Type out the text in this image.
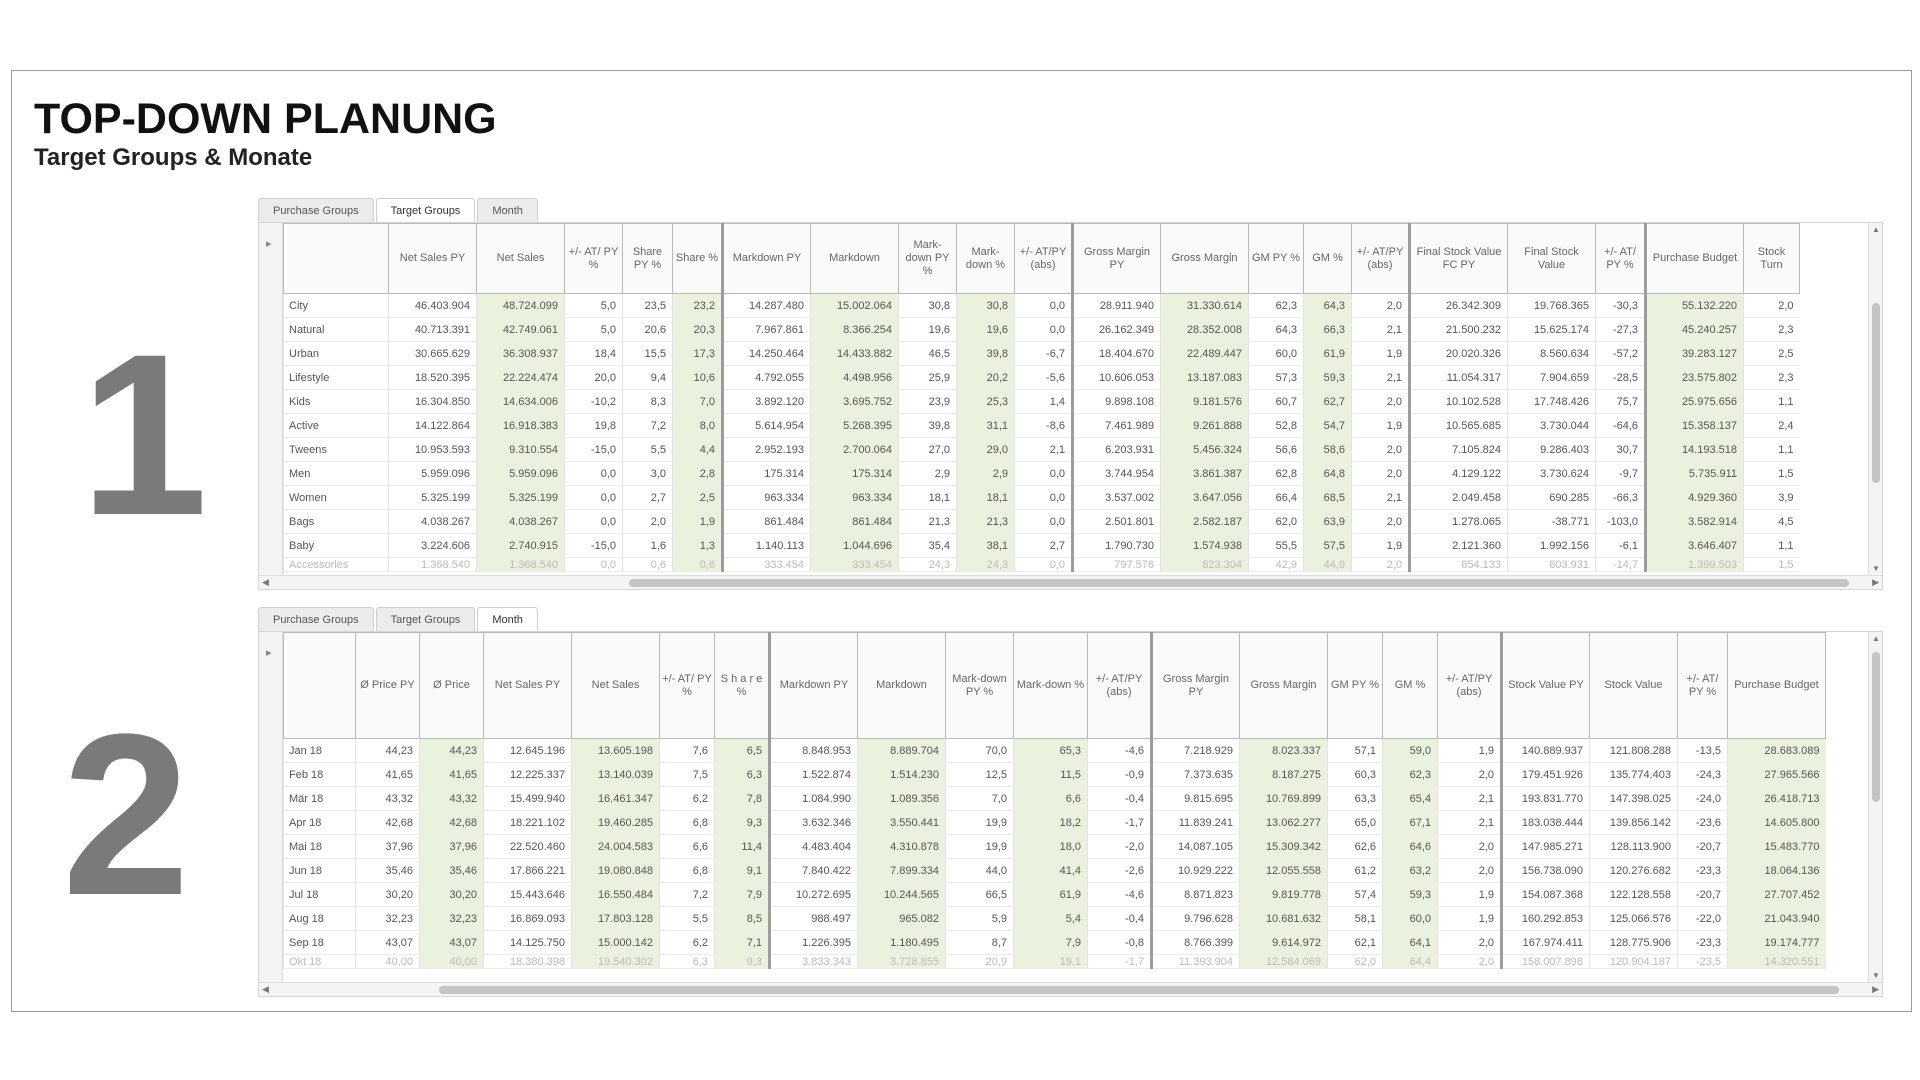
TOP-DOWN PLANUNG
Target Groups & Monate
1
2
Purchase Groups	Target Groups	Month
▸
	Net Sales PY	Net Sales	+/- AT/ PY %	Share PY %	Share %	Markdown PY	Markdown	Mark-down PY %	Mark-down %	+/- AT/PY (abs)	Gross Margin PY	Gross Margin	GM PY %	GM %	+/- AT/PY (abs)	Final Stock Value FC PY	Final Stock Value	+/- AT/ PY %	Purchase Budget	Stock Turn
City	46.403.904	48.724.099	5,0	23,5	23,2	14.287.480	15.002.064	30,8	30,8	0,0	28.911.940	31.330.614	62,3	64,3	2,0	26.342.309	19.768.365	-30,3	55.132.220	2,0
Natural	40.713.391	42.749.061	5,0	20,6	20,3	7.967.861	8.366.254	19,6	19,6	0,0	26.162.349	28.352.008	64,3	66,3	2,1	21.500.232	15.625.174	-27,3	45.240.257	2,3
Urban	30.665.629	36.308.937	18,4	15,5	17,3	14.250.464	14.433.882	46,5	39,8	-6,7	18.404.670	22.489.447	60,0	61,9	1,9	20.020.326	8.560.634	-57,2	39.283.127	2,5
Lifestyle	18.520.395	22.224.474	20,0	9,4	10,6	4.792.055	4.498.956	25,9	20,2	-5,6	10.606.053	13.187.083	57,3	59,3	2,1	11.054.317	7.904.659	-28,5	23.575.802	2,3
Kids	16.304.850	14.634.006	-10,2	8,3	7,0	3.892.120	3.695.752	23,9	25,3	1,4	9.898.108	9.181.576	60,7	62,7	2,0	10.102.528	17.748.426	75,7	25.975.656	1,1
Active	14.122.864	16.918.383	19,8	7,2	8,0	5.614.954	5.268.395	39,8	31,1	-8,6	7.461.989	9.261.888	52,8	54,7	1,9	10.565.685	3.730.044	-64,6	15.358.137	2,4
Tweens	10.953.593	9.310.554	-15,0	5,5	4,4	2.952.193	2.700.064	27,0	29,0	2,1	6.203.931	5.456.324	56,6	58,6	2,0	7.105.824	9.286.403	30,7	14.193.518	1,1
Men	5.959.096	5.959.096	0,0	3,0	2,8	175.314	175.314	2,9	2,9	0,0	3.744.954	3.861.387	62,8	64,8	2,0	4.129.122	3.730.624	-9,7	5.735.911	1,5
Women	5.325.199	5.325.199	0,0	2,7	2,5	963.334	963.334	18,1	18,1	0,0	3.537.002	3.647.056	66,4	68,5	2,1	2.049.458	690.285	-66,3	4.929.360	3,9
Bags	4.038.267	4.038.267	0,0	2,0	1,9	861.484	861.484	21,3	21,3	0,0	2.501.801	2.582.187	62,0	63,9	2,0	1.278.065	-38.771	-103,0	3.582.914	4,5
Baby	3.224.606	2.740.915	-15,0	1,6	1,3	1.140.113	1.044.696	35,4	38,1	2,7	1.790.730	1.574.938	55,5	57,5	1,9	2.121.360	1.992.156	-6,1	3.646.407	1,1
Accessories	1.368.540	1.368.540	0,0	0,6	0,6	333.454	333.454	24,3	24,3	0,0	797.576	823.304	42,9	44,9	2,0	854.133	803.931	-14,7	1.399.503	1,5
▲
▼
◀	▶
Purchase Groups	Target Groups	Month
▸
	Ø Price PY	Ø Price	Net Sales PY	Net Sales	+/- AT/ PY %	S h a r e %	Markdown PY	Markdown	Mark-down PY %	Mark-down %	+/- AT/PY (abs)	Gross Margin PY	Gross Margin	GM PY %	GM %	+/- AT/PY (abs)	Stock Value PY	Stock Value	+/- AT/ PY %	Purchase Budget
Jan 18	44,23	44,23	12.645.196	13.605.198	7,6	6,5	8.848.953	8.889.704	70,0	65,3	-4,6	7.218.929	8.023.337	57,1	59,0	1,9	140.889.937	121.808.288	-13,5	28.683.089
Feb 18	41,65	41,65	12.225.337	13.140.039	7,5	6,3	1.522.874	1.514.230	12,5	11,5	-0,9	7.373.635	8.187.275	60,3	62,3	2,0	179.451.926	135.774.403	-24,3	27.965.566
Mär 18	43,32	43,32	15.499.940	16.461.347	6,2	7,8	1.084.990	1.089.356	7,0	6,6	-0,4	9.815.695	10.769.899	63,3	65,4	2,1	193.831.770	147.398.025	-24,0	26.418.713
Apr 18	42,68	42,68	18.221.102	19.460.285	6,8	9,3	3.632.346	3.550.441	19,9	18,2	-1,7	11.839.241	13.062.277	65,0	67,1	2,1	183.038.444	139.856.142	-23,6	14.605.800
Mai 18	37,96	37,96	22.520.460	24.004.583	6,6	11,4	4.483.404	4.310.878	19,9	18,0	-2,0	14.087.105	15.309.342	62,6	64,6	2,0	147.985.271	128.113.900	-20,7	15.483.770
Jun 18	35,46	35,46	17.866.221	19.080.848	6,8	9,1	7.840.422	7.899.334	44,0	41,4	-2,6	10.929.222	12.055.558	61,2	63,2	2,0	156.738.090	120.276.682	-23,3	18.064.136
Jul 18	30,20	30,20	15.443.646	16.550.484	7,2	7,9	10.272.695	10.244.565	66,5	61,9	-4,6	8.871.823	9.819.778	57,4	59,3	1,9	154.087.368	122.128.558	-20,7	27.707.452
Aug 18	32,23	32,23	16.869.093	17.803.128	5,5	8,5	988.497	965.082	5,9	5,4	-0,4	9.796.628	10.681.632	58,1	60,0	1,9	160.292.853	125.066.576	-22,0	21.043.940
Sep 18	43,07	43,07	14.125.750	15.000.142	6,2	7,1	1.226.395	1.180.495	8,7	7,9	-0,8	8.766.399	9.614.972	62,1	64,1	2,0	167.974.411	128.775.906	-23,3	19.174.777
Okt 18	40,00	40,00	18.380.398	19.540.302	6,3	9,3	3.833.343	3.728.855	20,9	19,1	-1,7	11.393.904	12.584.069	62,0	64,4	2,0	158.007.898	120.904.187	-23,5	14.320.551
▲
▼
◀	▶
